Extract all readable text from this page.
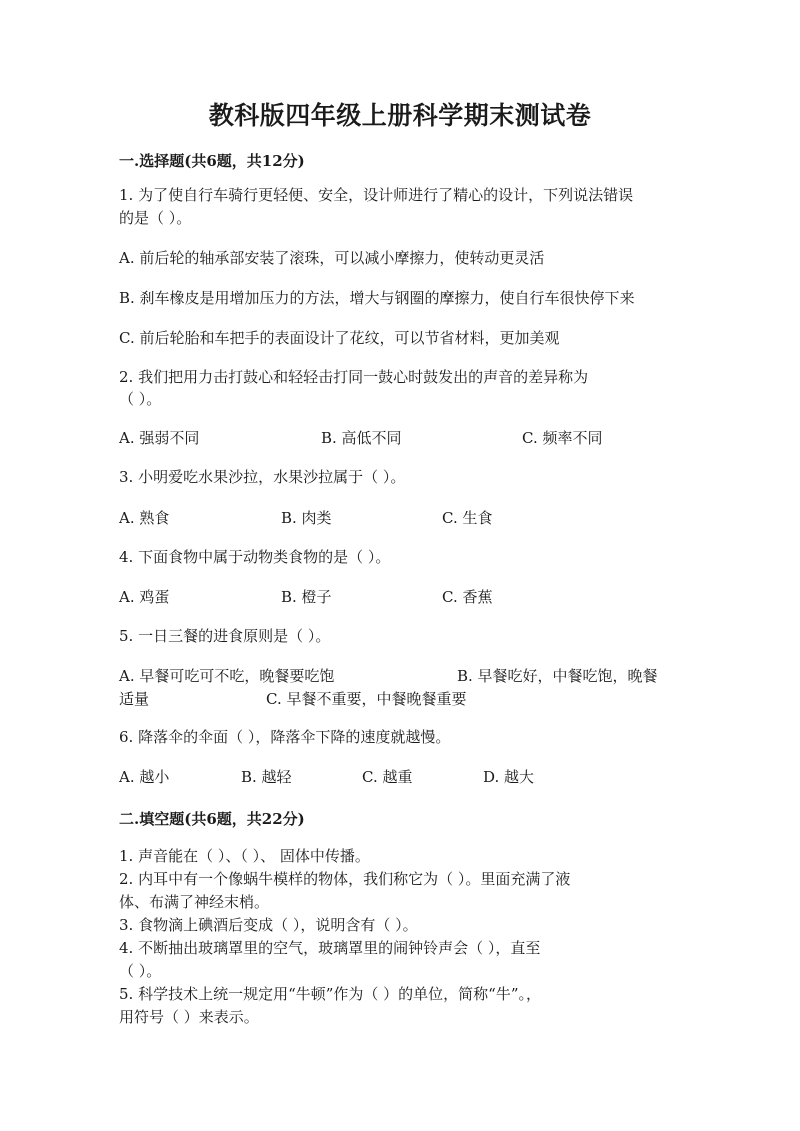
教科版四年级上册科学期末测试卷
一.选择题(共6题，共12分)
1. 为了使自行车骑行更轻便、安全，设计师进行了精心的设计，下列说法错误
的是（ ）。
A. 前后轮的轴承部安装了滚珠，可以减小摩擦力，使转动更灵活
B. 刹车橡皮是用增加压力的方法，增大与钢圈的摩擦力，使自行车很快停下来
C. 前后轮胎和车把手的表面设计了花纹，可以节省材料，更加美观
2. 我们把用力击打鼓心和轻轻击打同一鼓心时鼓发出的声音的差异称为
（ ）。
A. 强弱不同	B. 高低不同	C. 频率不同
3. 小明爱吃水果沙拉，水果沙拉属于（ ）。
A. 熟食	B. 肉类	C. 生食
4. 下面食物中属于动物类食物的是（ ）。
A. 鸡蛋	B. 橙子	C. 香蕉
5. 一日三餐的进食原则是（ ）。
A. 早餐可吃可不吃，晚餐要吃饱	B. 早餐吃好，中餐吃饱，晚餐
适量	C. 早餐不重要，中餐晚餐重要
6. 降落伞的伞面（ ），降落伞下降的速度就越慢。
A. 越小	B. 越轻	C. 越重	D. 越大
二.填空题(共6题，共22分)
1. 声音能在（ ）、（ ）、 固体中传播。
2. 内耳中有一个像蜗牛模样的物体，我们称它为（ ）。里面充满了液
体、布满了神经末梢。
3. 食物滴上碘酒后变成（ ），说明含有（ ）。
4. 不断抽出玻璃罩里的空气，玻璃罩里的闹钟铃声会（ ），直至
（ ）。
5. 科学技术上统一规定用“牛顿”作为（ ）的单位，简称“牛”。，
用符号（ ）来表示。
